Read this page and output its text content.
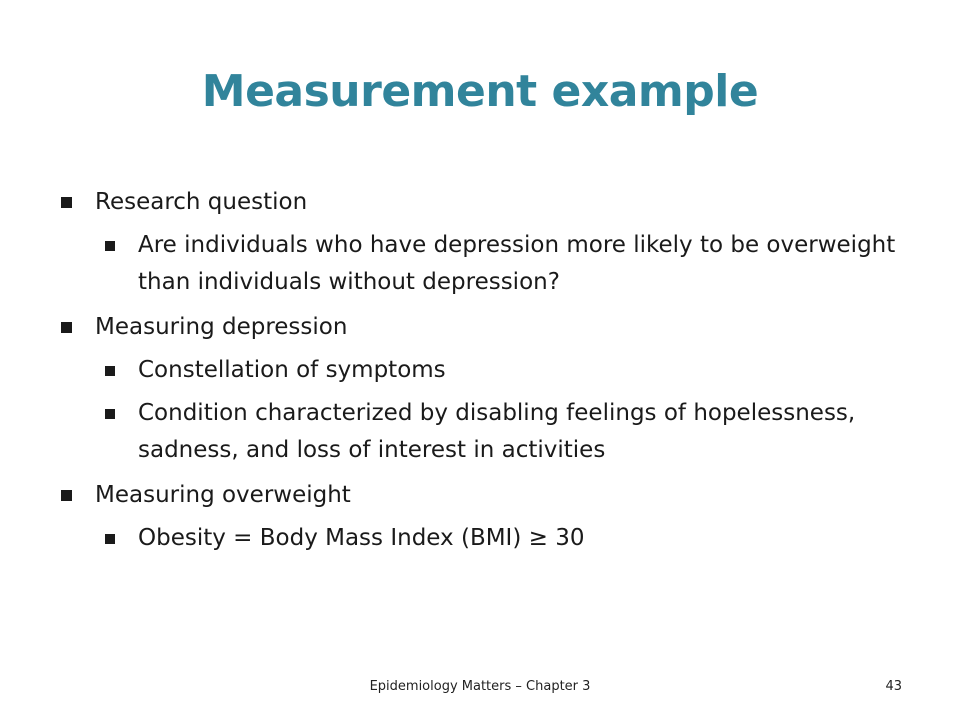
Measurement example
Research question
Are individuals who have depression more likely to be overweight than individuals without depression?
Measuring depression
Constellation of symptoms
Condition characterized by disabling feelings of hopelessness, sadness, and loss of interest in activities
Measuring overweight
Obesity = Body Mass Index (BMI) ≥ 30
Epidemiology Matters – Chapter 3	43
